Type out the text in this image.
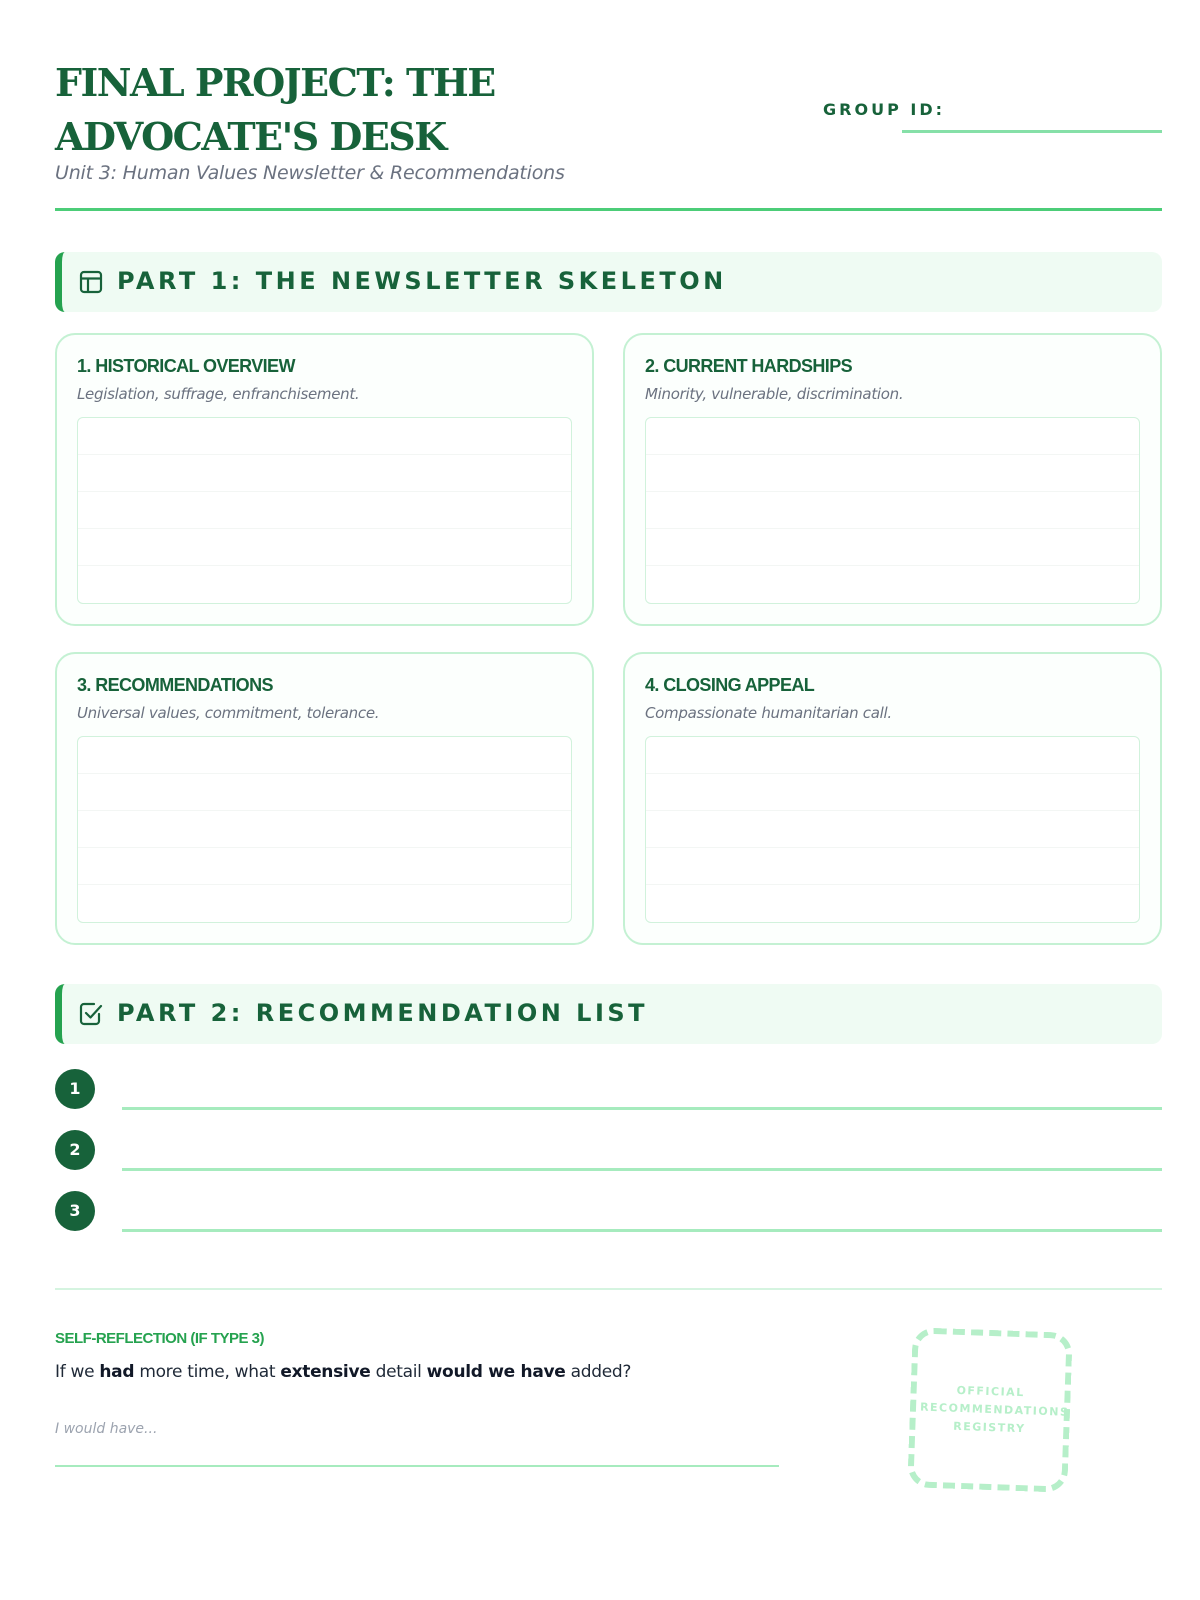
FINAL PROJECT: THE ADVOCATE'S DESK
Unit 3: Human Values Newsletter & Recommendations
GROUP ID:
PART 1: THE NEWSLETTER SKELETON
1. HISTORICAL OVERVIEW
Legislation, suffrage, enfranchisement.
2. CURRENT HARDSHIPS
Minority, vulnerable, discrimination.
3. RECOMMENDATIONS
Universal values, commitment, tolerance.
4. CLOSING APPEAL
Compassionate humanitarian call.
PART 2: RECOMMENDATION LIST
1
2
3
SELF-REFLECTION (IF TYPE 3)
If we had more time, what extensive detail would we have added?
I would have...
OFFICIAL
RECOMMENDATIONS
REGISTRY
